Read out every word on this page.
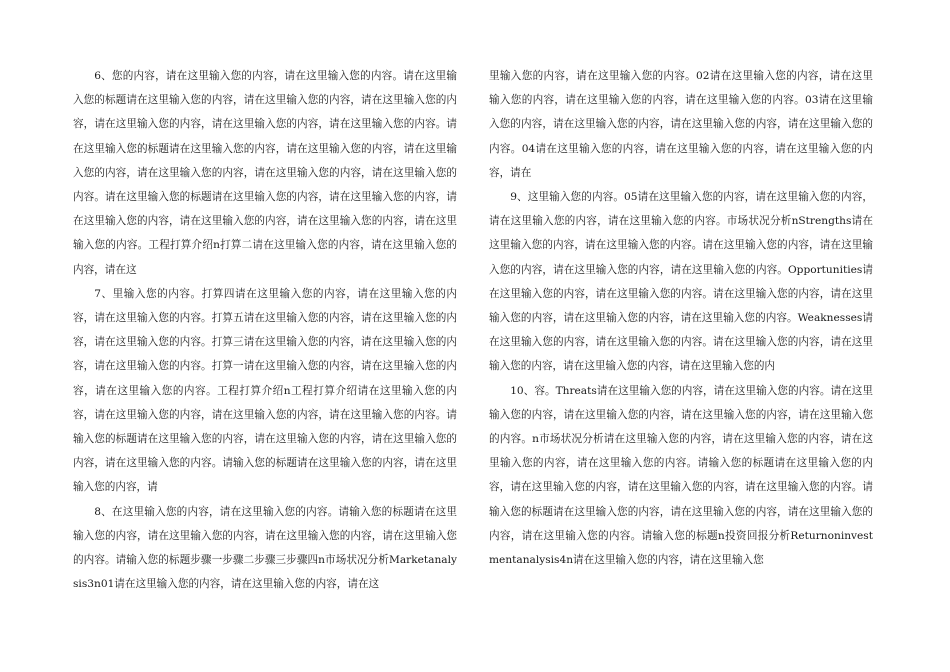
6、您的内容，请在这里输入您的内容，请在这里输入您的内容。请在这里输入您的标题请在这里输入您的内容，请在这里输入您的内容，请在这里输入您的内容，请在这里输入您的内容，请在这里输入您的内容，请在这里输入您的内容。请在这里输入您的标题请在这里输入您的内容，请在这里输入您的内容，请在这里输入您的内容，请在这里输入您的内容，请在这里输入您的内容，请在这里输入您的内容。请在这里输入您的标题请在这里输入您的内容，请在这里输入您的内容，请在这里输入您的内容，请在这里输入您的内容，请在这里输入您的内容，请在这里输入您的内容。工程打算介绍n打算二请在这里输入您的内容，请在这里输入您的内容，请在这

7、里输入您的内容。打算四请在这里输入您的内容，请在这里输入您的内容，请在这里输入您的内容。打算五请在这里输入您的内容，请在这里输入您的内容，请在这里输入您的内容。打算三请在这里输入您的内容，请在这里输入您的内容，请在这里输入您的内容。打算一请在这里输入您的内容，请在这里输入您的内容，请在这里输入您的内容。工程打算介绍n工程打算介绍请在这里输入您的内容，请在这里输入您的内容，请在这里输入您的内容，请在这里输入您的内容。请输入您的标题请在这里输入您的内容，请在这里输入您的内容，请在这里输入您的内容，请在这里输入您的内容。请输入您的标题请在这里输入您的内容，请在这里输入您的内容，请

8、在这里输入您的内容，请在这里输入您的内容。请输入您的标题请在这里输入您的内容，请在这里输入您的内容，请在这里输入您的内容，请在这里输入您的内容。请输入您的标题步骤一步骤二步骤三步骤四n市场状况分析Marketanalysis3n01请在这里输入您的内容，请在这里输入您的内容，请在这

里输入您的内容，请在这里输入您的内容。02请在这里输入您的内容，请在这里输入您的内容，请在这里输入您的内容，请在这里输入您的内容。03请在这里输入您的内容，请在这里输入您的内容，请在这里输入您的内容，请在这里输入您的内容。04请在这里输入您的内容，请在这里输入您的内容，请在这里输入您的内容，请在

9、这里输入您的内容。05请在这里输入您的内容，请在这里输入您的内容，请在这里输入您的内容，请在这里输入您的内容。市场状况分析nStrengths请在这里输入您的内容，请在这里输入您的内容。请在这里输入您的内容，请在这里输入您的内容，请在这里输入您的内容，请在这里输入您的内容。Opportunities请在这里输入您的内容，请在这里输入您的内容。请在这里输入您的内容，请在这里输入您的内容，请在这里输入您的内容，请在这里输入您的内容。Weaknesses请在这里输入您的内容，请在这里输入您的内容。请在这里输入您的内容，请在这里输入您的内容，请在这里输入您的内容，请在这里输入您的内

10、容。Threats请在这里输入您的内容，请在这里输入您的内容。请在这里输入您的内容，请在这里输入您的内容，请在这里输入您的内容，请在这里输入您的内容。n市场状况分析请在这里输入您的内容，请在这里输入您的内容，请在这里输入您的内容，请在这里输入您的内容。请输入您的标题请在这里输入您的内容，请在这里输入您的内容，请在这里输入您的内容，请在这里输入您的内容。请输入您的标题请在这里输入您的内容，请在这里输入您的内容，请在这里输入您的内容，请在这里输入您的内容。请输入您的标题n投资回报分析Returnoninvestmentanalysis4n请在这里输入您的内容，请在这里输入您
